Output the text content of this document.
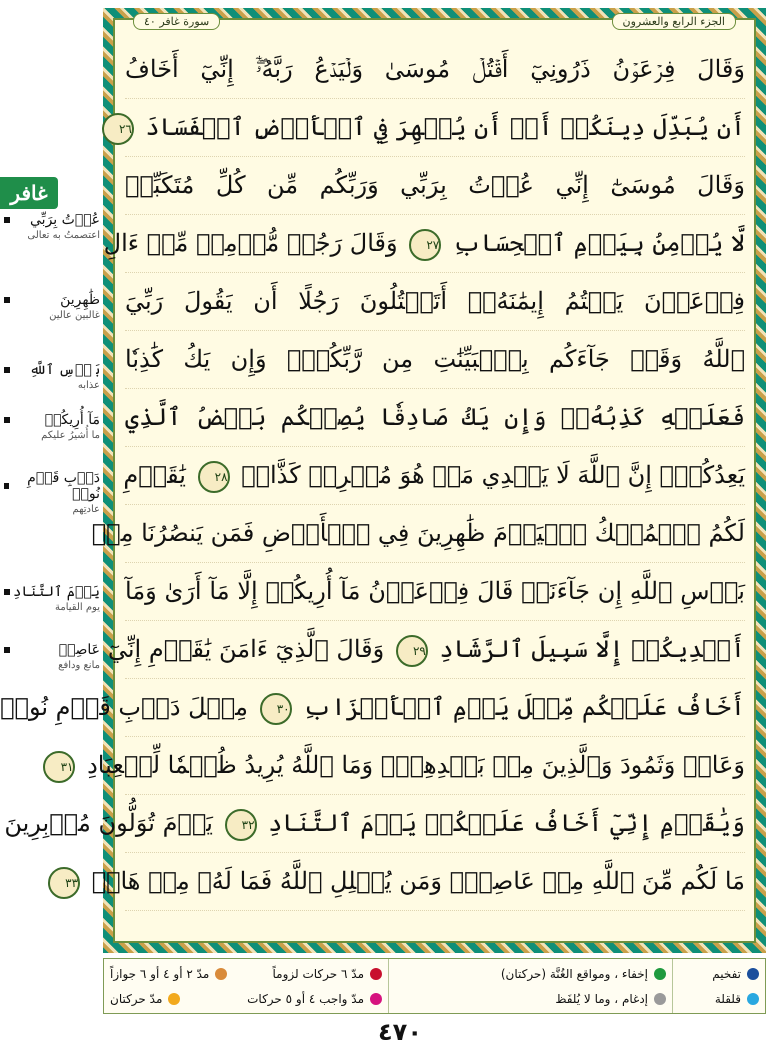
غافر
عُذۡتُ بِرَبِّي
اعتصمتُ به تعالى
ظَٰهِرِينَ
غالبين عالين
بَأۡسِ ٱللَّهِ
عذابه
مَآ أُرِيكُمۡ
ما أُشيرُ عليكم
دَأۡبِ قَوۡمِ نُوحٖ
عادتِهم
يَوۡمَ ٱلتَّنَادِ
يوم القيامة
عَاصِمٖ
مانع ودافع
سورة غافر ٤٠	الجزء الرابع والعشرون
وَقَالَ فِرۡعَوۡنُ ذَرُونِيٓ أَقۡتُلۡ مُوسَىٰ وَلۡيَدۡعُ رَبَّهُۥٓۖ إِنِّيٓ أَخَافُ
أَن يُبَدِّلَ دِينَكُمۡ أَوۡ أَن يُظۡهِرَ فِي ٱلۡأَرۡضِ ٱلۡفَسَادَ ٢٦
وَقَالَ مُوسَىٰٓ إِنِّي عُذۡتُ بِرَبِّي وَرَبِّكُم مِّن كُلِّ مُتَكَبِّرٖ
لَّا يُؤۡمِنُ بِيَوۡمِ ٱلۡحِسَابِ ٢٧ وَقَالَ رَجُلٞ مُّؤۡمِنٞ مِّنۡ ءَالِ
فِرۡعَوۡنَ يَكۡتُمُ إِيمَٰنَهُۥٓ أَتَقۡتُلُونَ رَجُلًا أَن يَقُولَ رَبِّيَ
ٱللَّهُ وَقَدۡ جَآءَكُم بِٱلۡبَيِّنَٰتِ مِن رَّبِّكُمۡۖ وَإِن يَكُ كَٰذِبٗا
فَعَلَيۡهِ كَذِبُهُۥۖ وَإِن يَكُ صَادِقٗا يُصِبۡكُم بَعۡضُ ٱلَّذِي
يَعِدُكُمۡۖ إِنَّ ٱللَّهَ لَا يَهۡدِي مَنۡ هُوَ مُسۡرِفٞ كَذَّابٞ ٢٨ يَٰقَوۡمِ
لَكُمُ ٱلۡمُلۡكُ ٱلۡيَوۡمَ ظَٰهِرِينَ فِي ٱلۡأَرۡضِ فَمَن يَنصُرُنَا مِنۢ
بَأۡسِ ٱللَّهِ إِن جَآءَنَاۚ قَالَ فِرۡعَوۡنُ مَآ أُرِيكُمۡ إِلَّا مَآ أَرَىٰ وَمَآ
أَهۡدِيكُمۡ إِلَّا سَبِيلَ ٱلرَّشَادِ ٢٩ وَقَالَ ٱلَّذِيٓ ءَامَنَ يَٰقَوۡمِ إِنِّيٓ
أَخَافُ عَلَيۡكُم مِّثۡلَ يَوۡمِ ٱلۡأَحۡزَابِ ٣٠ مِثۡلَ دَأۡبِ قَوۡمِ نُوحٖ
وَعَادٖ وَثَمُودَ وَٱلَّذِينَ مِنۢ بَعۡدِهِمۡۚ وَمَا ٱللَّهُ يُرِيدُ ظُلۡمٗا لِّلۡعِبَادِ ٣١
وَيَٰقَوۡمِ إِنِّيٓ أَخَافُ عَلَيۡكُمۡ يَوۡمَ ٱلتَّنَادِ ٣٢ يَوۡمَ تُوَلُّونَ مُدۡبِرِينَ
مَا لَكُم مِّنَ ٱللَّهِ مِنۡ عَاصِمٖۗ وَمَن يُضۡلِلِ ٱللَّهُ فَمَا لَهُۥ مِنۡ هَادٖ ٣٣
تفخيم
قلقلة
إخفاء ، ومواقع الغُنَّة (حركتان)
إدغام ، وما لا يُلفَظ
مدّ ٦ حركات لزوماً
مدّ ٢ أو ٤ أو ٦ جوازاً
مدّ واجب ٤ أو ٥ حركات
مدّ حركتان
٤٧٠
